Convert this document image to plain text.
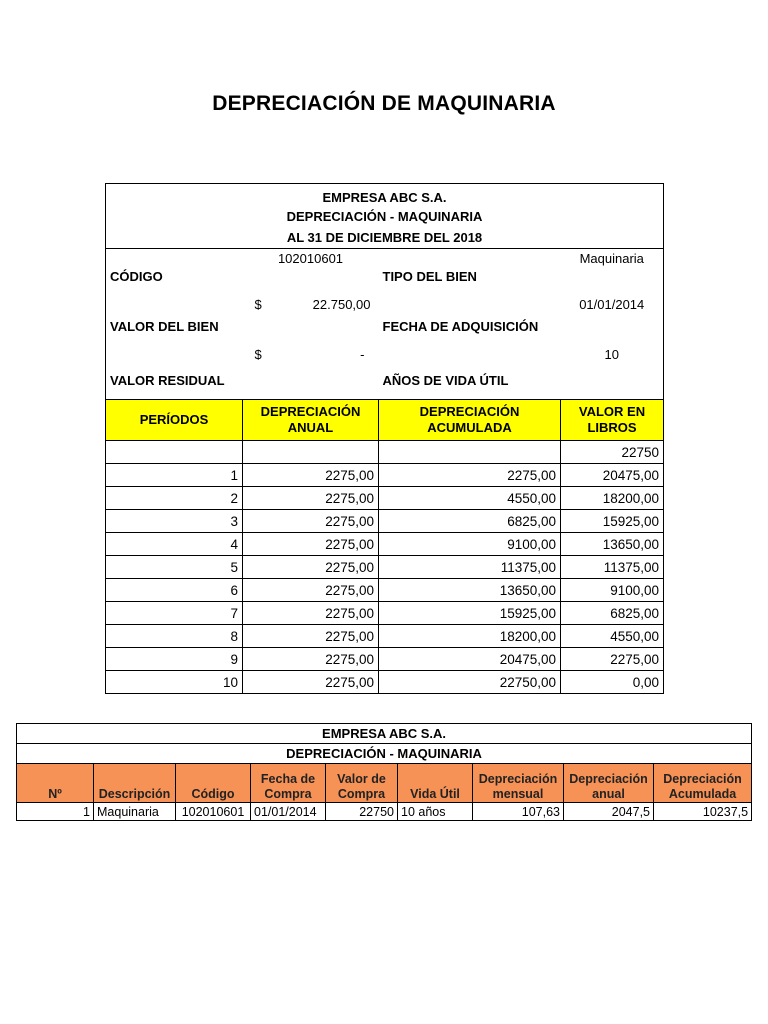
DEPRECIACIÓN DE MAQUINARIA
EMPRESA ABC S.A.			
DEPRECIACIÓN - MAQUINARIA			
AL 31 DE DICIEMBRE DEL 2018			
CÓDIGO	102010601	TIPO DEL BIEN	Maquinaria
VALOR DEL BIEN	$ 22.750,00	FECHA DE ADQUISICIÓN	01/01/2014
VALOR RESIDUAL	$ -	AÑOS DE VIDA ÚTIL	10
PERÍODOS	DEPRECIACIÓN ANUAL	DEPRECIACIÓN ACUMULADA	VALOR EN LIBROS
			22750
1	2275,00	2275,00	20475,00
2	2275,00	4550,00	18200,00
3	2275,00	6825,00	15925,00
4	2275,00	9100,00	13650,00
5	2275,00	11375,00	11375,00
6	2275,00	13650,00	9100,00
7	2275,00	15925,00	6825,00
8	2275,00	18200,00	4550,00
9	2275,00	20475,00	2275,00
10	2275,00	22750,00	0,00
EMPRESA ABC S.A.								
DEPRECIACIÓN - MAQUINARIA								
Nº	Descripción	Código	Fecha de Compra	Valor de Compra	Vida Útil	Depreciación mensual	Depreciación anual	Depreciación Acumulada
1	Maquinaria	102010601	01/01/2014	22750	10 años	107,63	2047,5	10237,5
